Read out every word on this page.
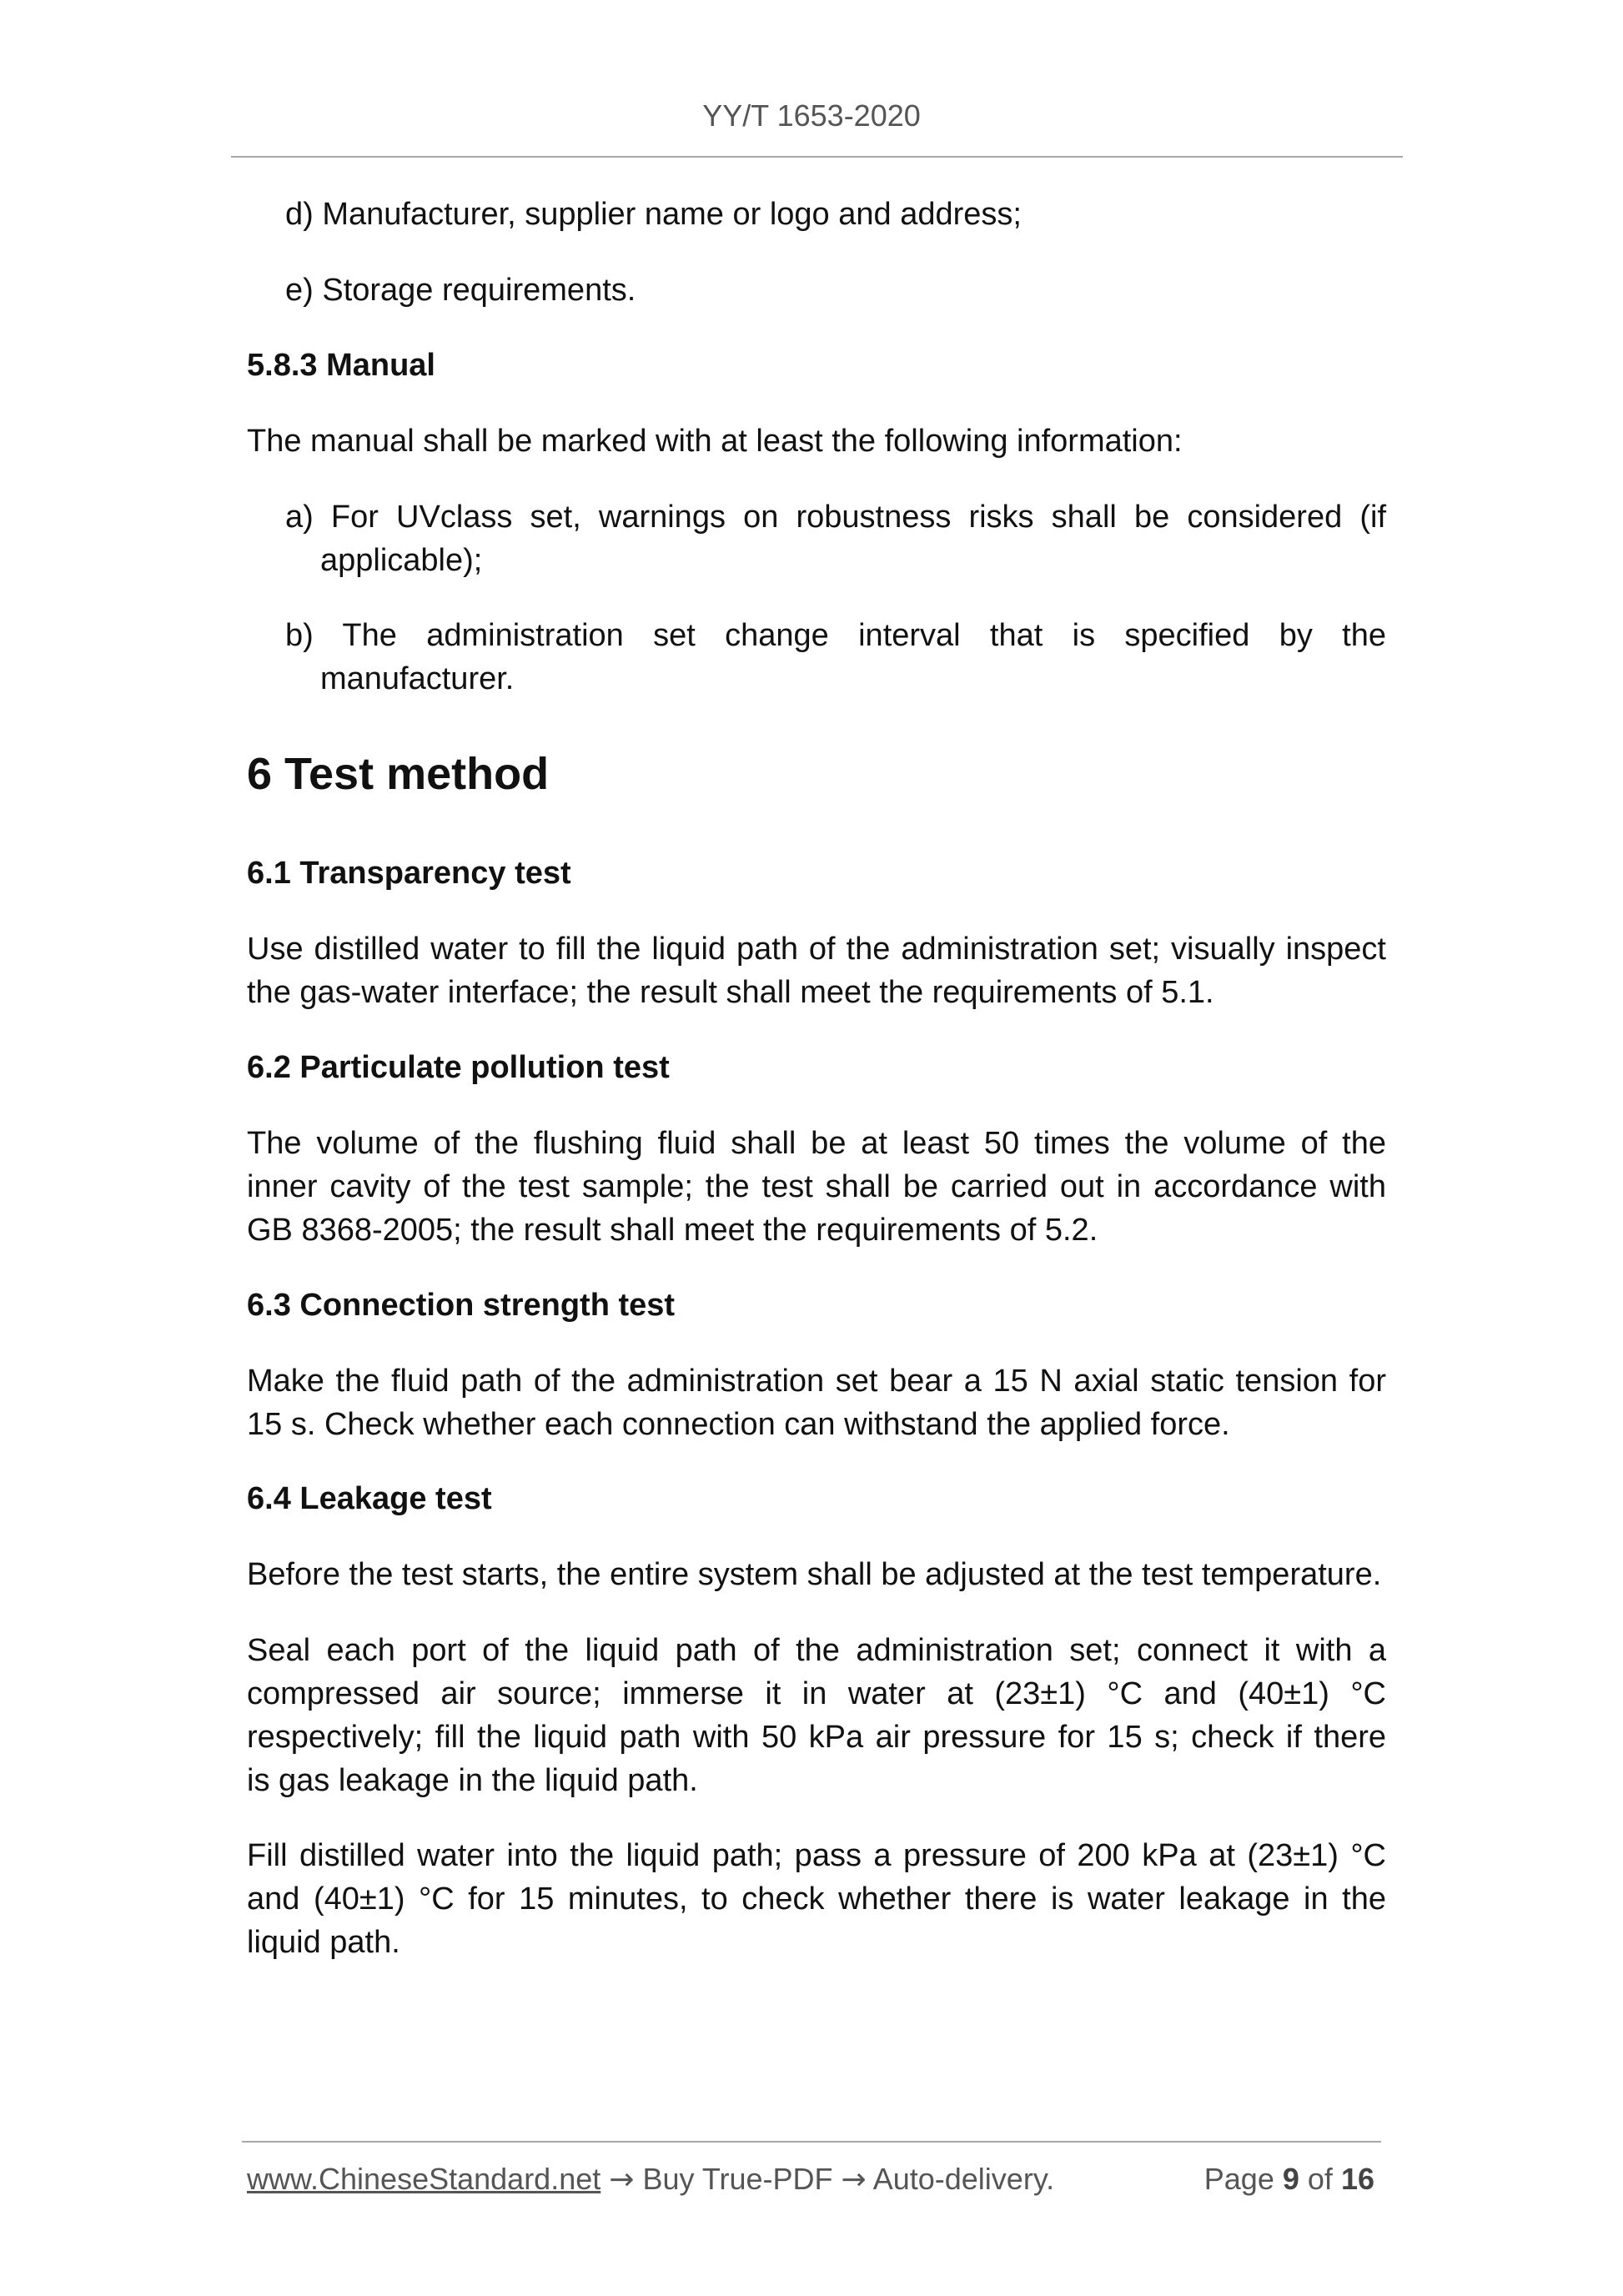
YY/T 1653-2020
d) Manufacturer, supplier name or logo and address;
e) Storage requirements.
5.8.3 Manual
The manual shall be marked with at least the following information:
a) For UVclass set, warnings on robustness risks shall be considered (if
applicable);
b) The administration set change interval that is specified by the
manufacturer.
6 Test method
6.1 Transparency test
Use distilled water to fill the liquid path of the administration set; visually inspect
the gas-water interface; the result shall meet the requirements of 5.1.
6.2 Particulate pollution test
The volume of the flushing fluid shall be at least 50 times the volume of the
inner cavity of the test sample; the test shall be carried out in accordance with
GB 8368-2005; the result shall meet the requirements of 5.2.
6.3 Connection strength test
Make the fluid path of the administration set bear a 15 N axial static tension for
15 s. Check whether each connection can withstand the applied force.
6.4 Leakage test
Before the test starts, the entire system shall be adjusted at the test temperature.
Seal each port of the liquid path of the administration set; connect it with a
compressed air source; immerse it in water at (23±1) °C and (40±1) °C
respectively; fill the liquid path with 50 kPa air pressure for 15 s; check if there
is gas leakage in the liquid path.
Fill distilled water into the liquid path; pass a pressure of 200 kPa at (23±1) °C
and (40±1) °C for 15 minutes, to check whether there is water leakage in the
liquid path.
www.ChineseStandard.net → Buy True-PDF → Auto-delivery.	Page 9 of 16
